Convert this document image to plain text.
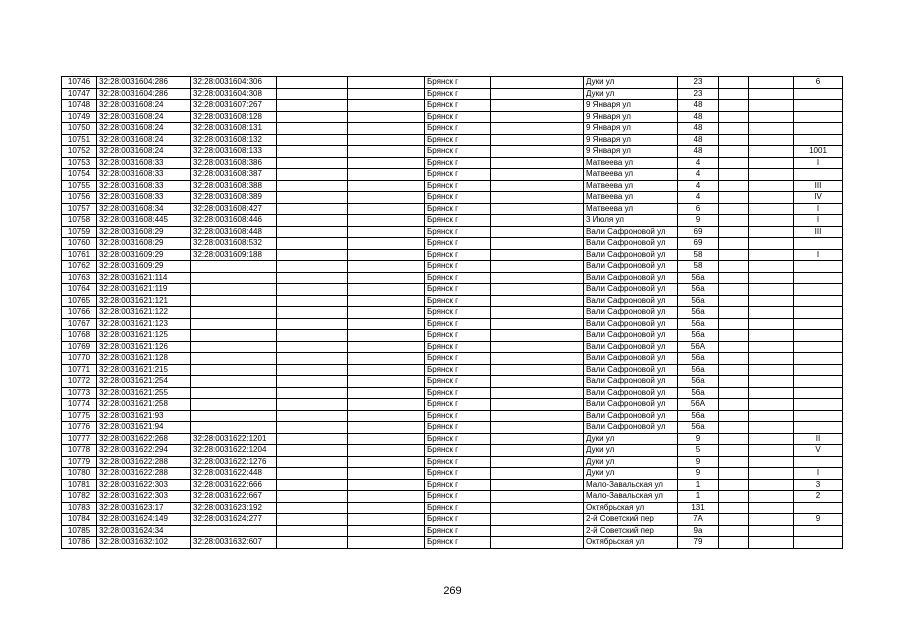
10746	32:28:0031604:286	32:28:0031604:306			Брянск г		Дуки ул	23			6
10747	32:28:0031604:286	32:28:0031604:308			Брянск г		Дуки ул	23			
10748	32:28:0031608:24	32:28:0031607:267			Брянск г		9 Января ул	48			
10749	32:28:0031608:24	32:28:0031608:128			Брянск г		9 Января ул	48			
10750	32:28:0031608:24	32:28:0031608:131			Брянск г		9 Января ул	48			
10751	32:28:0031608:24	32:28:0031608:132			Брянск г		9 Января ул	48			
10752	32:28:0031608:24	32:28:0031608:133			Брянск г		9 Января ул	48			1001
10753	32:28:0031608:33	32:28:0031608:386			Брянск г		Матвеева ул	4			I
10754	32:28:0031608:33	32:28:0031608:387			Брянск г		Матвеева ул	4			
10755	32:28:0031608:33	32:28:0031608:388			Брянск г		Матвеева ул	4			III
10756	32:28:0031608:33	32:28:0031608:389			Брянск г		Матвеева ул	4			IV
10757	32:28:0031608:34	32:28:0031608:427			Брянск г		Матвеева ул	6			I
10758	32:28:0031608:445	32:28:0031608:446			Брянск г		3 Июля ул	9			I
10759	32:28:0031608:29	32:28:0031608:448			Брянск г		Вали Сафроновой ул	69			III
10760	32:28:0031608:29	32:28:0031608:532			Брянск г		Вали Сафроновой ул	69			
10761	32:28:0031609:29	32:28:0031609:188			Брянск г		Вали Сафроновой ул	58			I
10762	32:28:0031609:29				Брянск г		Вали Сафроновой ул	58			
10763	32:28:0031621:114				Брянск г		Вали Сафроновой ул	56а			
10764	32:28:0031621:119				Брянск г		Вали Сафроновой ул	56а			
10765	32:28:0031621:121				Брянск г		Вали Сафроновой ул	56а			
10766	32:28:0031621:122				Брянск г		Вали Сафроновой ул	56а			
10767	32:28:0031621:123				Брянск г		Вали Сафроновой ул	56а			
10768	32:28:0031621:125				Брянск г		Вали Сафроновой ул	56а			
10769	32:28:0031621:126				Брянск г		Вали Сафроновой ул	56А			
10770	32:28:0031621:128				Брянск г		Вали Сафроновой ул	56а			
10771	32:28:0031621:215				Брянск г		Вали Сафроновой ул	56а			
10772	32:28:0031621:254				Брянск г		Вали Сафроновой ул	56а			
10773	32:28:0031621:255				Брянск г		Вали Сафроновой ул	56а			
10774	32:28:0031621:258				Брянск г		Вали Сафроновой ул	56А			
10775	32:28:0031621:93				Брянск г		Вали Сафроновой ул	56а			
10776	32:28:0031621:94				Брянск г		Вали Сафроновой ул	56а			
10777	32:28:0031622:268	32:28:0031622:1201			Брянск г		Дуки ул	9			II
10778	32:28:0031622:294	32:28:0031622:1204			Брянск г		Дуки ул	5			V
10779	32:28:0031622:288	32:28:0031622:1276			Брянск г		Дуки ул	9			
10780	32:28:0031622:288	32:28:0031622:448			Брянск г		Дуки ул	9			I
10781	32:28:0031622:303	32:28:0031622:666			Брянск г		Мало-Завальская ул	1			3
10782	32:28:0031622:303	32:28:0031622:667			Брянск г		Мало-Завальская ул	1			2
10783	32:28:0031623:17	32:28:0031623:192			Брянск г		Октябрьская ул	131			
10784	32:28:0031624:149	32:28:0031624:277			Брянск г		2-й Советский пер	7А			9
10785	32:28:0031624:34				Брянск г		2-й Советский пер	9а			
10786	32:28:0031632:102	32:28:0031632:607			Брянск г		Октябрьская ул	79			
269
